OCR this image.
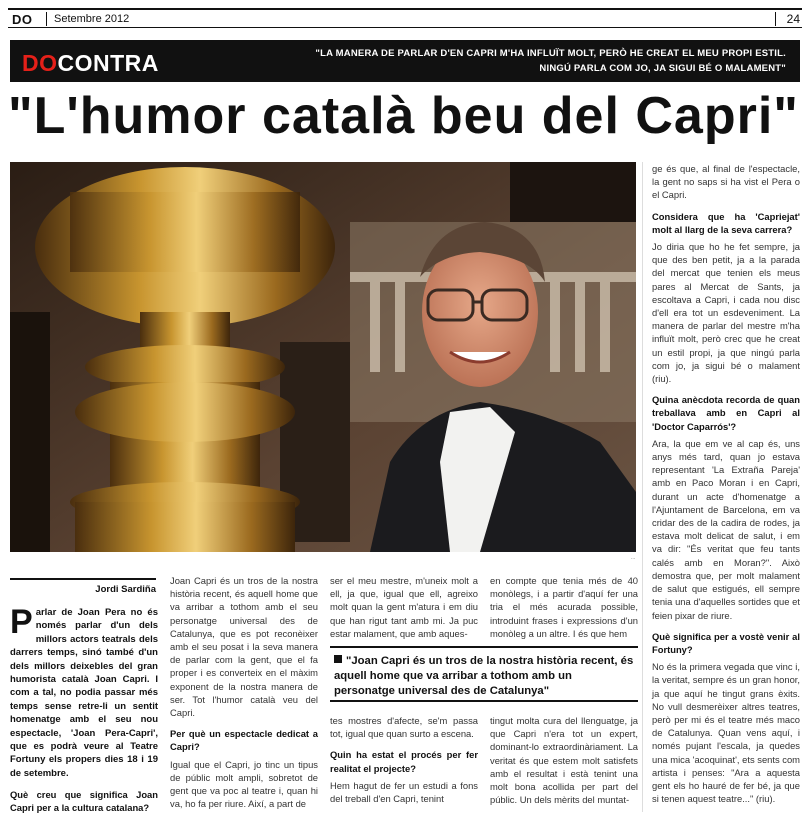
DO Setembre 2012	24
DOCONTRA	"LA MANERA DE PARLAR D'EN CAPRI M'HA INFLUÏT MOLT, PERÒ HE CREAT EL MEU PROPI ESTIL.
NINGÚ PARLA COM JO, JA SIGUI BÉ O MALAMENT"
"L'humor català beu del Capri"
...
Jordi Sardiña

Parlar de Joan Pera no és només parlar d'un dels millors actors teatrals dels darrers temps, sinó també d'un dels millors deixebles del gran humorista català Joan Capri. I com a tal, no podia passar més temps sense retre-li un sentit homenatge amb el seu nou espectacle, 'Joan Pera-Capri', que es podrà veure al Teatre Fortuny els propers dies 18 i 19 de setembre.

Què creu que significa Joan Capri per a la cultura catalana?

Joan Capri és un tros de la nostra història recent, és aquell home que va arribar a tothom amb el seu personatge universal des de Catalunya, que es pot reconèixer amb el seu posat i la seva manera de parlar com la gent, que el fa proper i es converteix en el màxim exponent de la nostra manera de ser. Tot l'humor català veu del Capri.

Per què un espectacle dedicat a Capri?

Igual que el Capri, jo tinc un tipus de públic molt ampli, sobretot de gent que va poc al teatre i, quan hi va, ho fa per riure. Així, a part de

ser el meu mestre, m'uneix molt a ell, ja que, igual que ell, agreixo molt quan la gent m'atura i em diu que han rigut tant amb mi. Ja puc estar malament, que amb aques-

tes mostres d'afecte, se'm passa tot, igual que quan surto a escena.

Quin ha estat el procés per fer realitat el projecte?

Hem hagut de fer un estudi a fons del treball d'en Capri, tenint

en compte que tenia més de 40 monòlegs, i a partir d'aquí fer una tria el més acurada possible, introduint frases i expressions d'un monòleg a un altre. I és que hem

tingut molta cura del llenguatge, ja que Capri n'era tot un expert, dominant-lo extraordinàriament. La veritat és que estem molt satisfets amb el resultat i està tenint una molt bona acollida per part del públic. Un dels mèrits del muntat-

"Joan Capri és un tros de la nostra història recent, és aquell home que va arribar a tothom amb un personatge universal des de Catalunya"

ge és que, al final de l'espectacle, la gent no saps si ha vist el Pera o el Capri.

Considera que ha 'Capriejat' molt al llarg de la seva carrera?

Jo diria que ho he fet sempre, ja que des ben petit, ja a la parada del mercat que tenien els meus pares al Mercat de Sants, ja escoltava a Capri, i cada nou disc d'ell era tot un esdeveniment. La manera de parlar del mestre m'ha influït molt, però crec que he creat un estil propi, ja que ningú parla com jo, ja sigui bé o malament (riu).

Quina anècdota recorda de quan treballava amb en Capri al 'Doctor Caparrós'?

Ara, la que em ve al cap és, uns anys més tard, quan jo estava representant 'La Extraña Pareja' amb en Paco Moran i en Capri, durant un acte d'homenatge a l'Ajuntament de Barcelona, em va cridar des de la cadira de rodes, ja estava molt delicat de salut, i em va dir: "És veritat que feu tants calés amb en Moran?". Això demostra que, per molt malament de salut que estigués, ell sempre tenia una d'aquelles sortides que et feien pixar de riure.

Què significa per a vostè venir al Fortuny?

No és la primera vegada que vinc i, la veritat, sempre és un gran honor, ja que aquí he tingut grans èxits. No vull desmerèixer altres teatres, però per mi és el teatre més maco de Catalunya. Quan vens aquí, i només pujant l'escala, ja quedes una mica 'acoquinat', ets sents com artista i penses: "Ara a aquesta gent els ho hauré de fer bé, ja que si tenen aquest teatre..." (riu).
